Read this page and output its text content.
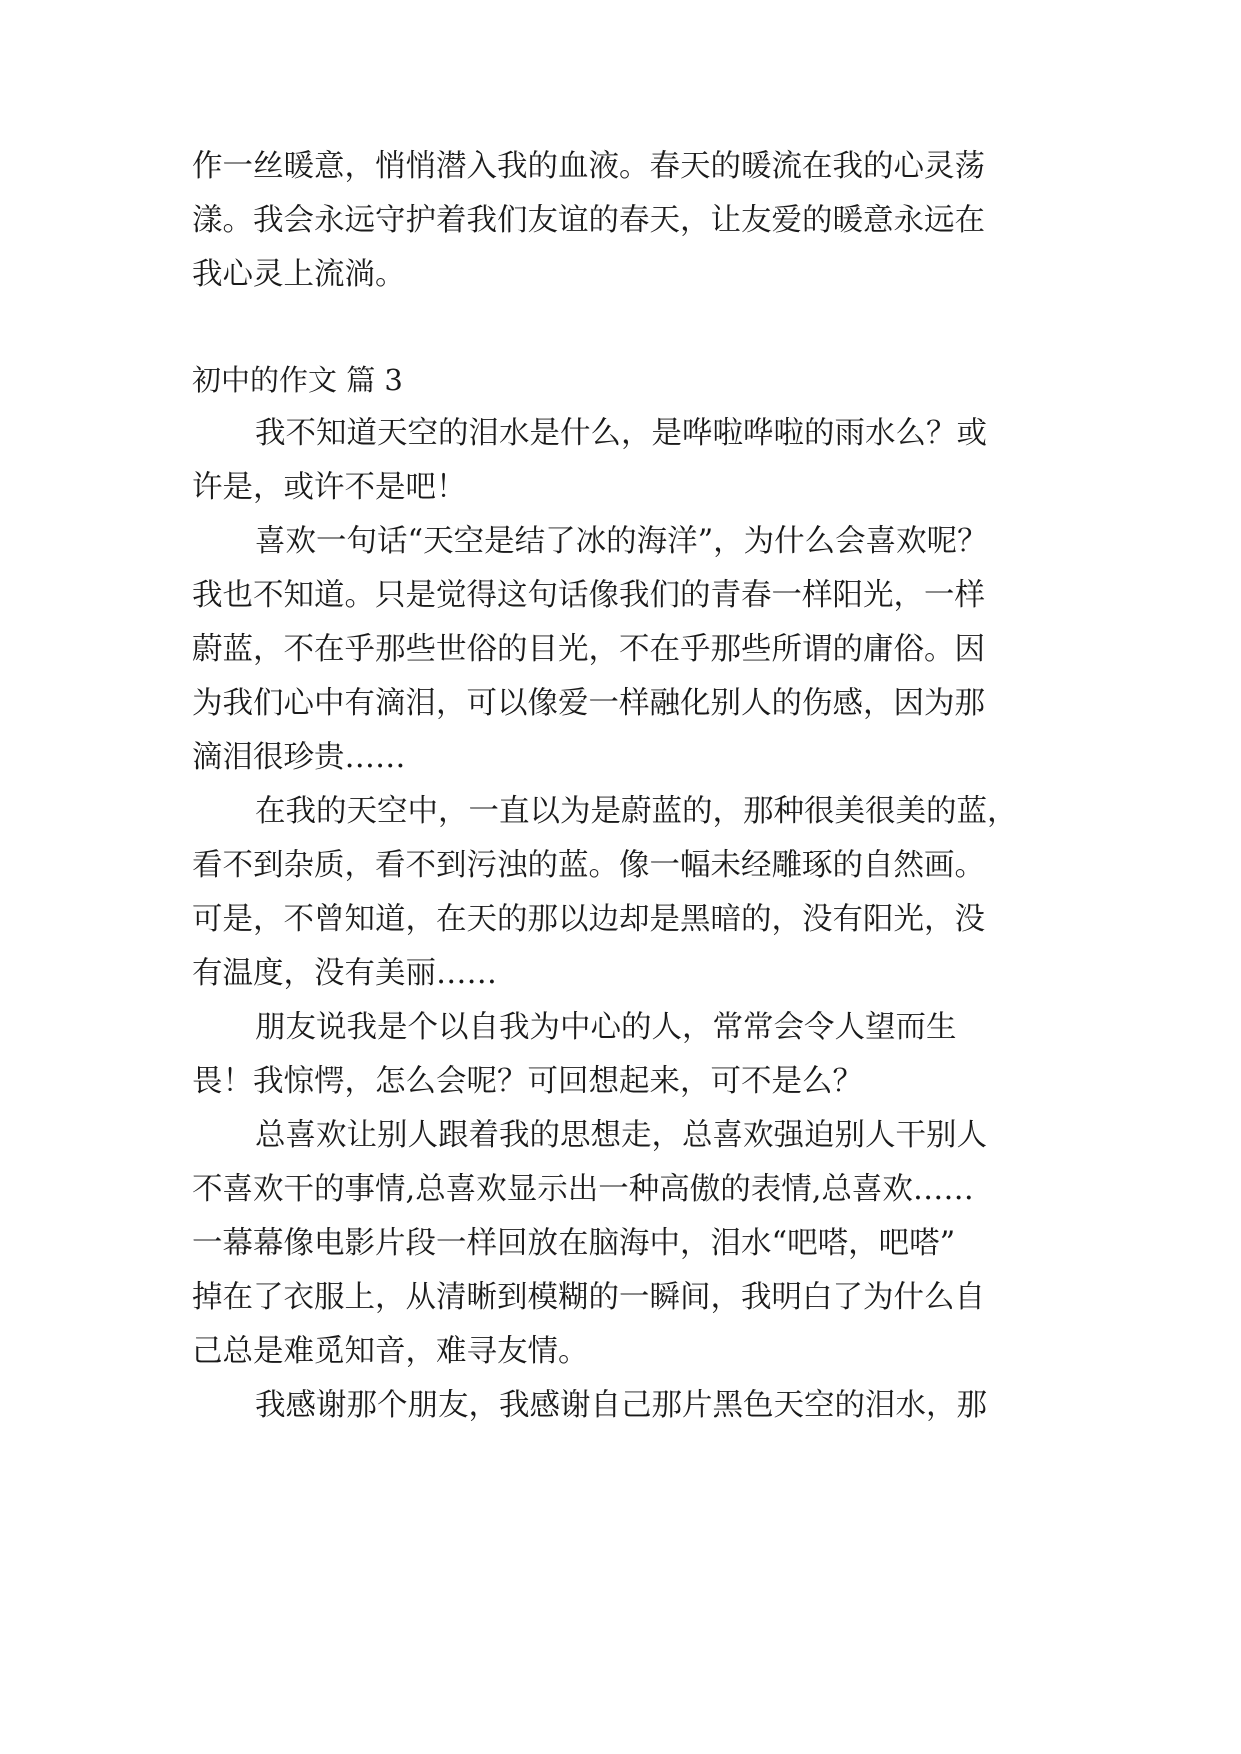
作一丝暖意，悄悄潜入我的血液。春天的暖流在我的心灵荡
漾。我会永远守护着我们友谊的春天，让友爱的暖意永远在
我心灵上流淌。
初中的作文 篇 3
我不知道天空的泪水是什么，是哗啦哗啦的雨水么？或
许是，或许不是吧！
喜欢一句话“天空是结了冰的海洋”，为什么会喜欢呢？
我也不知道。只是觉得这句话像我们的青春一样阳光，一样
蔚蓝，不在乎那些世俗的目光，不在乎那些所谓的庸俗。因
为我们心中有滴泪，可以像爱一样融化别人的伤感，因为那
滴泪很珍贵……
在我的天空中，一直以为是蔚蓝的，那种很美很美的蓝，
看不到杂质，看不到污浊的蓝。像一幅未经雕琢的自然画。
可是，不曾知道，在天的那以边却是黑暗的，没有阳光，没
有温度，没有美丽……
朋友说我是个以自我为中心的人，常常会令人望而生
畏！我惊愕，怎么会呢？可回想起来，可不是么？
总喜欢让别人跟着我的思想走，总喜欢强迫别人干别人
不喜欢干的事情,总喜欢显示出一种高傲的表情,总喜欢……
一幕幕像电影片段一样回放在脑海中，泪水“吧嗒，吧嗒”
掉在了衣服上，从清晰到模糊的一瞬间，我明白了为什么自
己总是难觅知音，难寻友情。
我感谢那个朋友，我感谢自己那片黑色天空的泪水，那
